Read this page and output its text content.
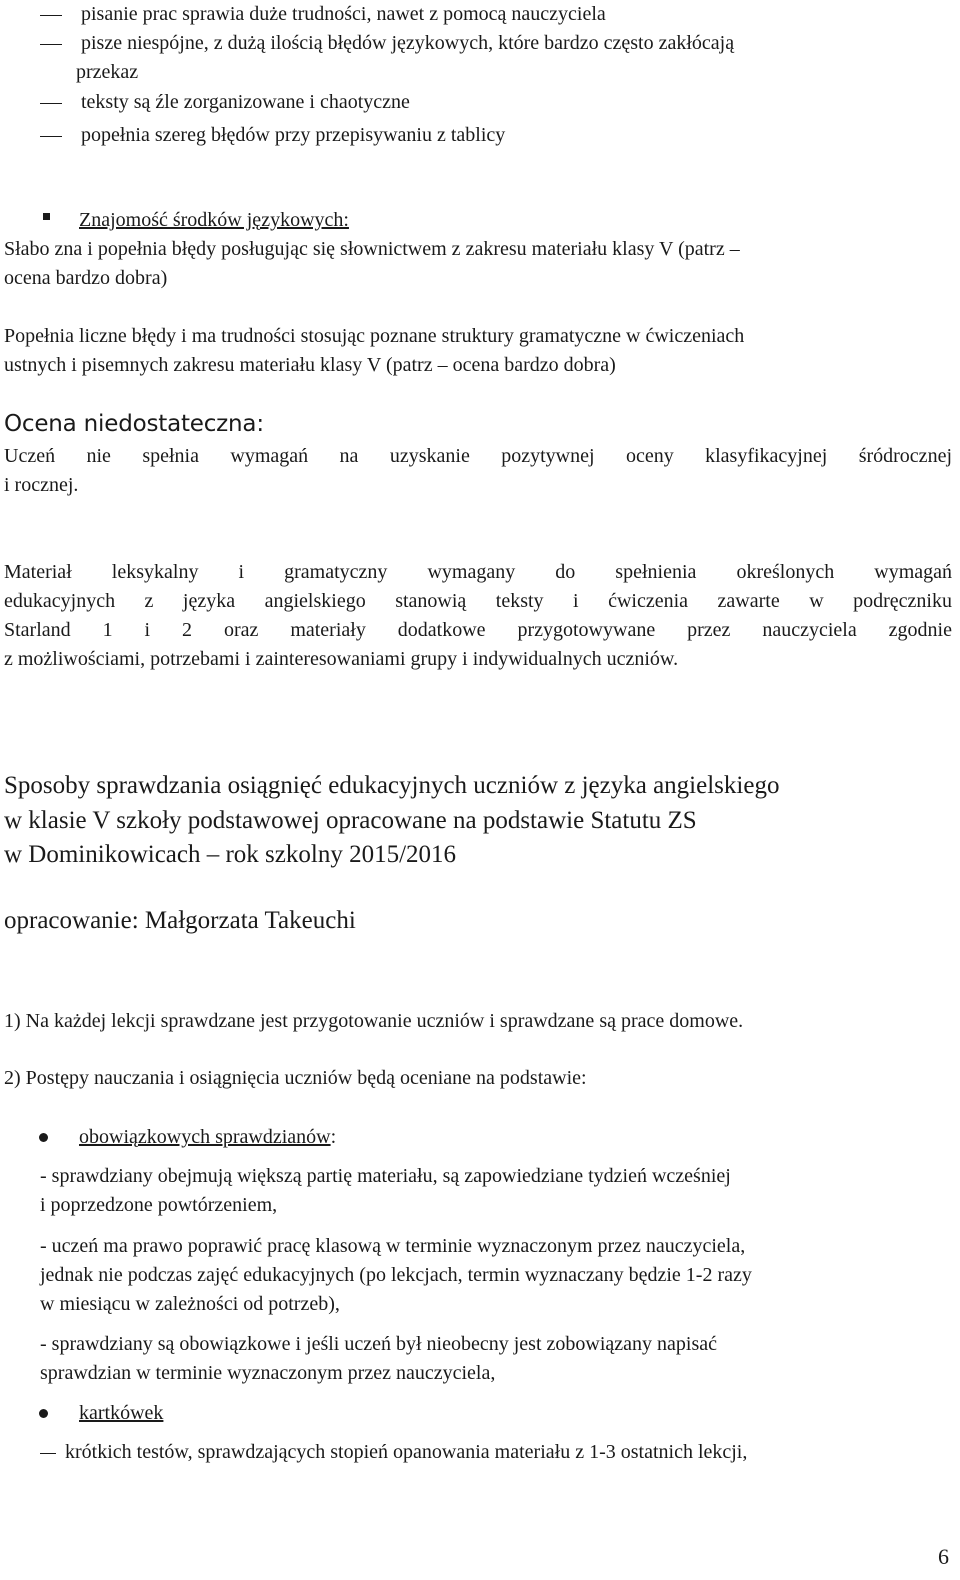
pisanie prac sprawia duże trudności, nawet z pomocą nauczyciela
pisze niespójne, z dużą ilością błędów językowych, które bardzo często zakłócają
przekaz
teksty są źle zorganizowane i chaotyczne
popełnia szereg błędów przy przepisywaniu z tablicy
Znajomość środków językowych:
Słabo zna i popełnia błędy posługując się słownictwem z zakresu materiału klasy V (patrz –
ocena bardzo dobra)
Popełnia liczne błędy i ma trudności stosując poznane struktury gramatyczne w ćwiczeniach
ustnych i pisemnych zakresu materiału klasy V (patrz – ocena bardzo dobra)
Ocena niedostateczna:
Uczeń nie spełnia wymagań na uzyskanie pozytywnej oceny klasyfikacyjnej śródrocznej
i rocznej.
Materiał leksykalny i gramatyczny wymagany do spełnienia określonych wymagań
edukacyjnych z języka angielskiego stanowią teksty i ćwiczenia zawarte w podręczniku
Starland 1 i 2 oraz materiały dodatkowe przygotowywane przez nauczyciela zgodnie
z możliwościami, potrzebami i zainteresowaniami grupy i indywidualnych uczniów.
Sposoby sprawdzania osiągnięć edukacyjnych uczniów z języka angielskiego
w klasie V szkoły podstawowej opracowane na podstawie Statutu ZS
w Dominikowicach – rok szkolny 2015/2016
opracowanie: Małgorzata Takeuchi
1) Na każdej lekcji sprawdzane jest przygotowanie uczniów i sprawdzane są prace domowe.
2) Postępy nauczania i osiągnięcia uczniów będą oceniane na podstawie:
obowiązkowych sprawdzianów:
- sprawdziany obejmują większą partię materiału, są zapowiedziane tydzień wcześniej
i poprzedzone powtórzeniem,
- uczeń ma prawo poprawić pracę klasową w terminie wyznaczonym przez nauczyciela,
jednak nie podczas zajęć edukacyjnych (po lekcjach, termin wyznaczany będzie 1-2 razy
w miesiącu w zależności od potrzeb),
- sprawdziany są obowiązkowe i jeśli uczeń był nieobecny jest zobowiązany napisać
sprawdzian w terminie wyznaczonym przez nauczyciela,
kartkówek
krótkich testów, sprawdzających stopień opanowania materiału z 1-3 ostatnich lekcji,
6
